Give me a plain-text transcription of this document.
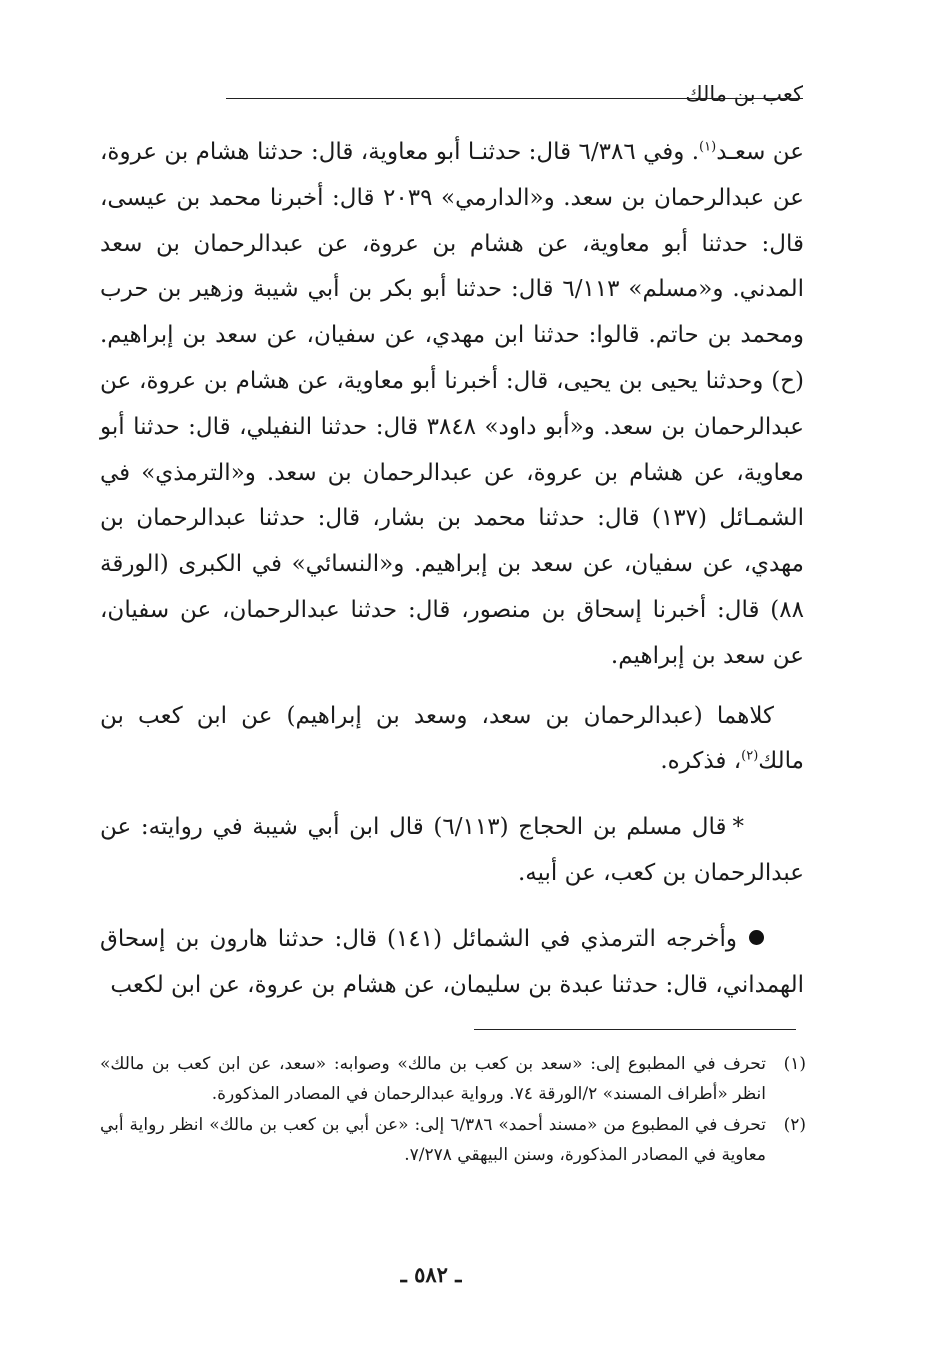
كعب بن مالك

عن سعـد$^{(١)}$. وفي ٦/٣٨٦ قال: حدثنـا أبو معاوية، قال: حدثنا هشام بن عروة، عن عبدالرحمان بن سعد. و«الدارمي» ٢٠٣٩ قال: أخبرنا محمد بن عيسى، قال: حدثنا أبو معاوية، عن هشام بن عروة، عن عبدالرحمان بن سعد المدني. و«مسلم» ٦/١١٣ قال: حدثنا أبو بكر بن أبي شيبة وزهير بن حرب ومحمد بن حاتم. قالوا: حدثنا ابن مهدي، عن سفيان، عن سعد بن إبراهيم. (ح) وحدثنا يحيى بن يحيى، قال: أخبرنا أبو معاوية، عن هشام بن عروة، عن عبدالرحمان بن سعد. و«أبو داود» ٣٨٤٨ قال: حدثنا النفيلي، قال: حدثنا أبو معاوية، عن هشام بن عروة، عن عبدالرحمان بن سعد. و«الترمذي» في الشمـائل (١٣٧) قال: حدثنا محمد بن بشار، قال: حدثنا عبدالرحمان بن مهدي، عن سفيان، عن سعد بن إبراهيم. و«النسائي» في الكبرى (الورقة ٨٨) قال: أخبرنا إسحاق بن منصور، قال: حدثنا عبدالرحمان، عن سفيان، عن سعد بن إبراهيم.

كلاهما (عبدالرحمان بن سعد، وسعد بن إبراهيم) عن ابن كعب بن مالك$^{(٢)}$، فذكره.

*قال مسلم بن الحجاج (٦/١١٣) قال ابن أبي شيبة في روايته: عن عبدالرحمان بن كعب، عن أبيه.

وأخرجه الترمذي في الشمائل (١٤١) قال: حدثنا هارون بن إسحاق الهمداني، قال: حدثنا عبدة بن سليمان، عن هشام بن عروة، عن ابن لكعب

(١)
تحرف في المطبوع إلى: «سعد بن كعب بن مالك» وصوابه: «سعد، عن ابن كعب بن مالك» انظر «أطراف المسند» ٢/الورقة ٧٤. ورواية عبدالرحمان في المصادر المذكورة.

(٢)
تحرف في المطبوع من «مسند أحمد» ٦/٣٨٦ إلى: «عن أبي بن كعب بن مالك» انظر رواية أبي معاوية في المصادر المذكورة، وسنن البيهقي ٧/٢٧٨.

ـ ٥٨٢ ـ
